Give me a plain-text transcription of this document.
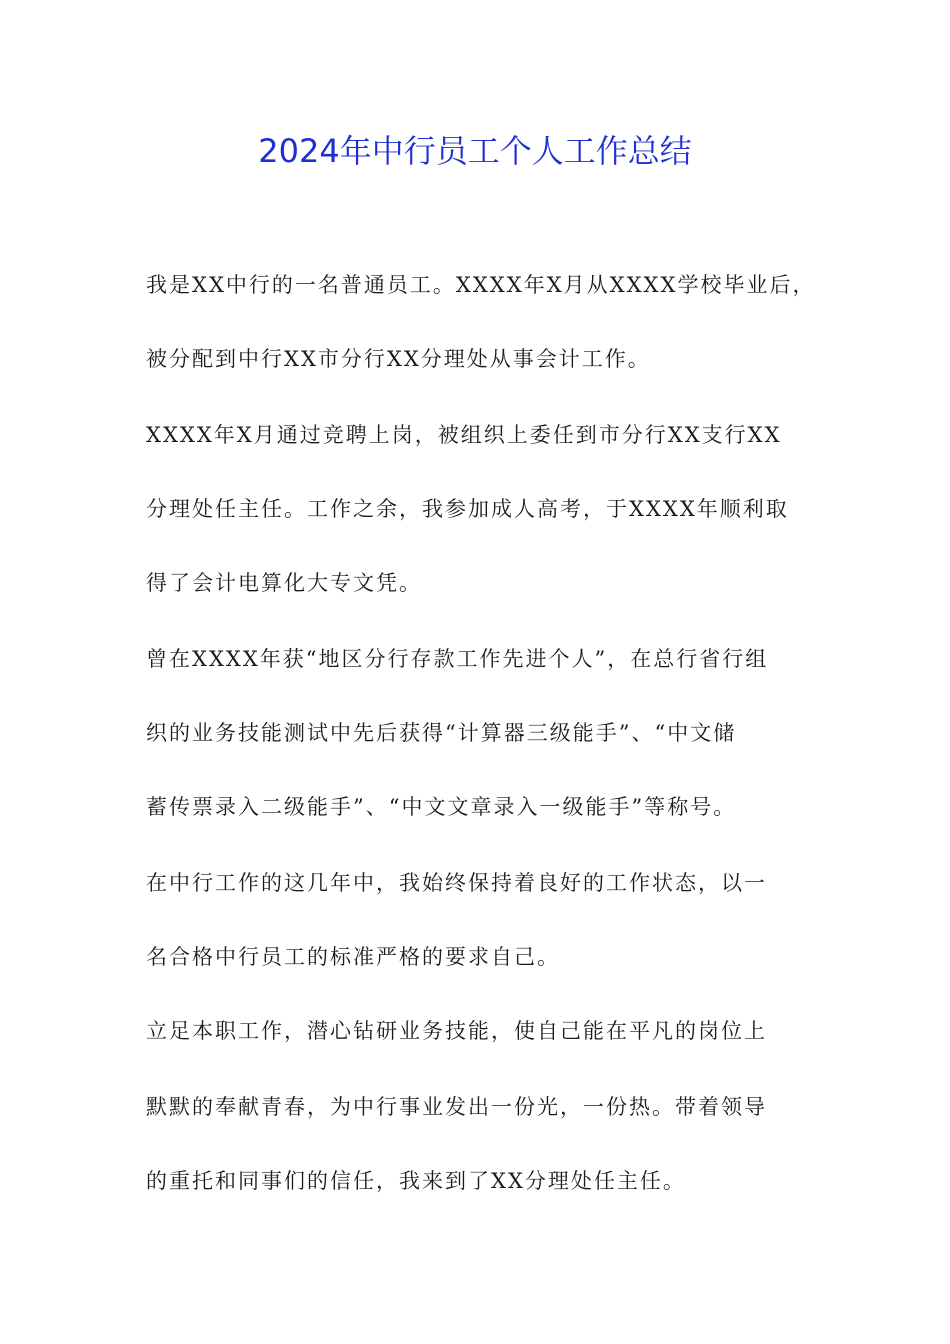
2024年中行员工个人工作总结

我是XX中行的一名普通员工。XXXX年X月从XXXX学校毕业后，

被分配到中行XX市分行XX分理处从事会计工作。

XXXX年X月通过竞聘上岗，被组织上委任到市分行XX支行XX

分理处任主任。工作之余，我参加成人高考，于XXXX年顺利取

得了会计电算化大专文凭。

曾在XXXX年获“地区分行存款工作先进个人”，在总行省行组

织的业务技能测试中先后获得“计算器三级能手”、“中文储

蓄传票录入二级能手”、“中文文章录入一级能手”等称号。

在中行工作的这几年中，我始终保持着良好的工作状态，以一

名合格中行员工的标准严格的要求自己。

立足本职工作，潜心钻研业务技能，使自己能在平凡的岗位上

默默的奉献青春，为中行事业发出一份光，一份热。带着领导

的重托和同事们的信任，我来到了XX分理处任主任。
